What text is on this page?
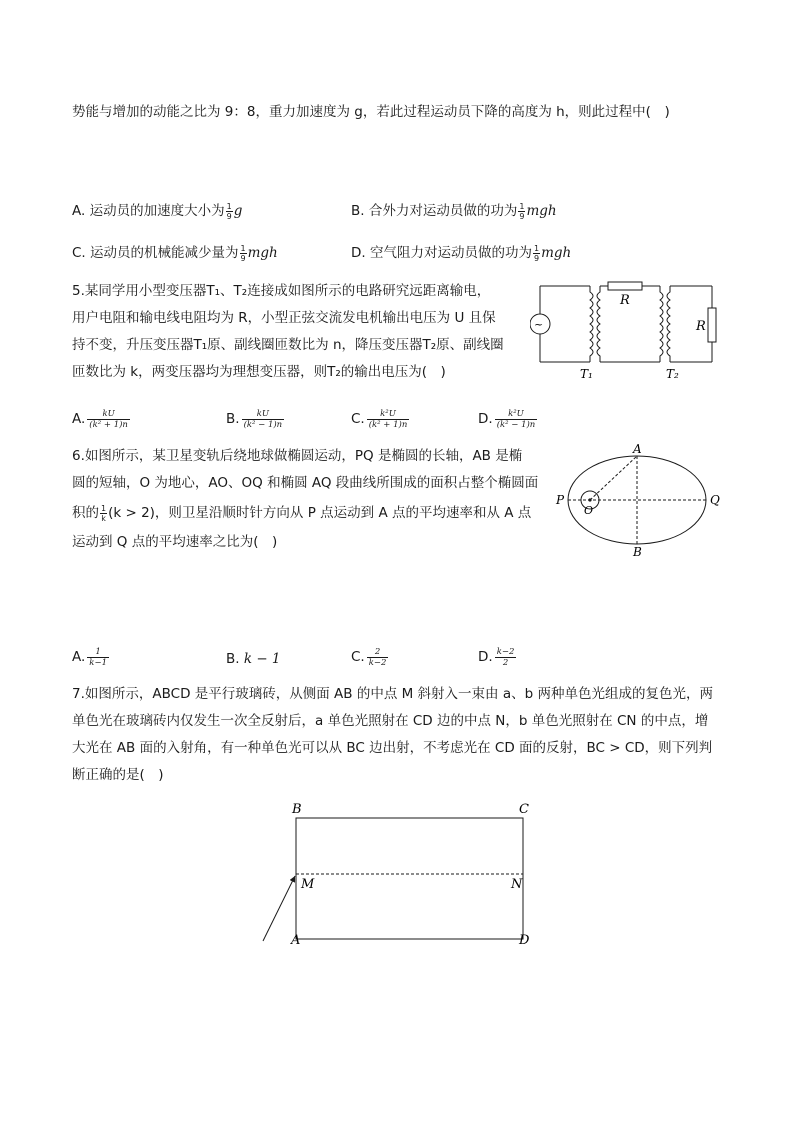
势能与增加的动能之比为 9：8，重力加速度为 g，若此过程运动员下降的高度为 h，则此过程中(　)
A. 运动员的加速度大小为 $\frac{1}{9}$ g	B. 合外力对运动员做的功为 $\frac{1}{9}$ mgh
C. 运动员的机械能减少量为 $\frac{1}{9}$ mgh	D. 空气阻力对运动员做的功为 $\frac{1}{9}$ mgh
5.某同学用小型变压器T₁、T₂连接成如图所示的电路研究远距离输电，
用户电阻和输电线电阻均为 R，小型正弦交流发电机输出电压为 U 且保
持不变，升压变压器T₁原、副线圈匝数比为 n，降压变压器T₂原、副线圈
匝数比为 k，两变压器均为理想变压器，则T₂的输出电压为(　)
~
R
R
T₁	T₂
A. $\frac{kU}{\text{(k² + 1)n}}$	B. $\frac{kU}{\text{(k² − 1)n}}$	C. $\frac{\text{k²U}}{\text{(k² + 1)n}}$	D. $\frac{\text{k²U}}{\text{(k² − 1)n}}$
6.如图所示，某卫星变轨后绕地球做椭圆运动，PQ 是椭圆的长轴，AB 是椭
圆的短轴，O 为地心，AO、OQ 和椭圆 AQ 段曲线所围成的面积占整个椭圆面
积的 $\frac{1}{k} (k > 2)$，则卫星沿顺时针方向从 P 点运动到 A 点的平均速率和从 A 点
运动到 Q 点的平均速率之比为(　)
A
B
P	Q
O
A. $\frac{1}{k-1}$	B. k − 1	C. $\frac{2}{k-2}$	D. $\frac{k-2}{2}$
7.如图所示，ABCD 是平行玻璃砖，从侧面 AB 的中点 M 斜射入一束由 a、b 两种单色光组成的复色光，两
单色光在玻璃砖内仅发生一次全反射后，a 单色光照射在 CD 边的中点 N，b 单色光照射在 CN 的中点，增
大光在 AB 面的入射角，有一种单色光可以从 BC 边出射，不考虑光在 CD 面的反射，BC > CD，则下列判
断正确的是(　)
B	C
M	N
A	D
